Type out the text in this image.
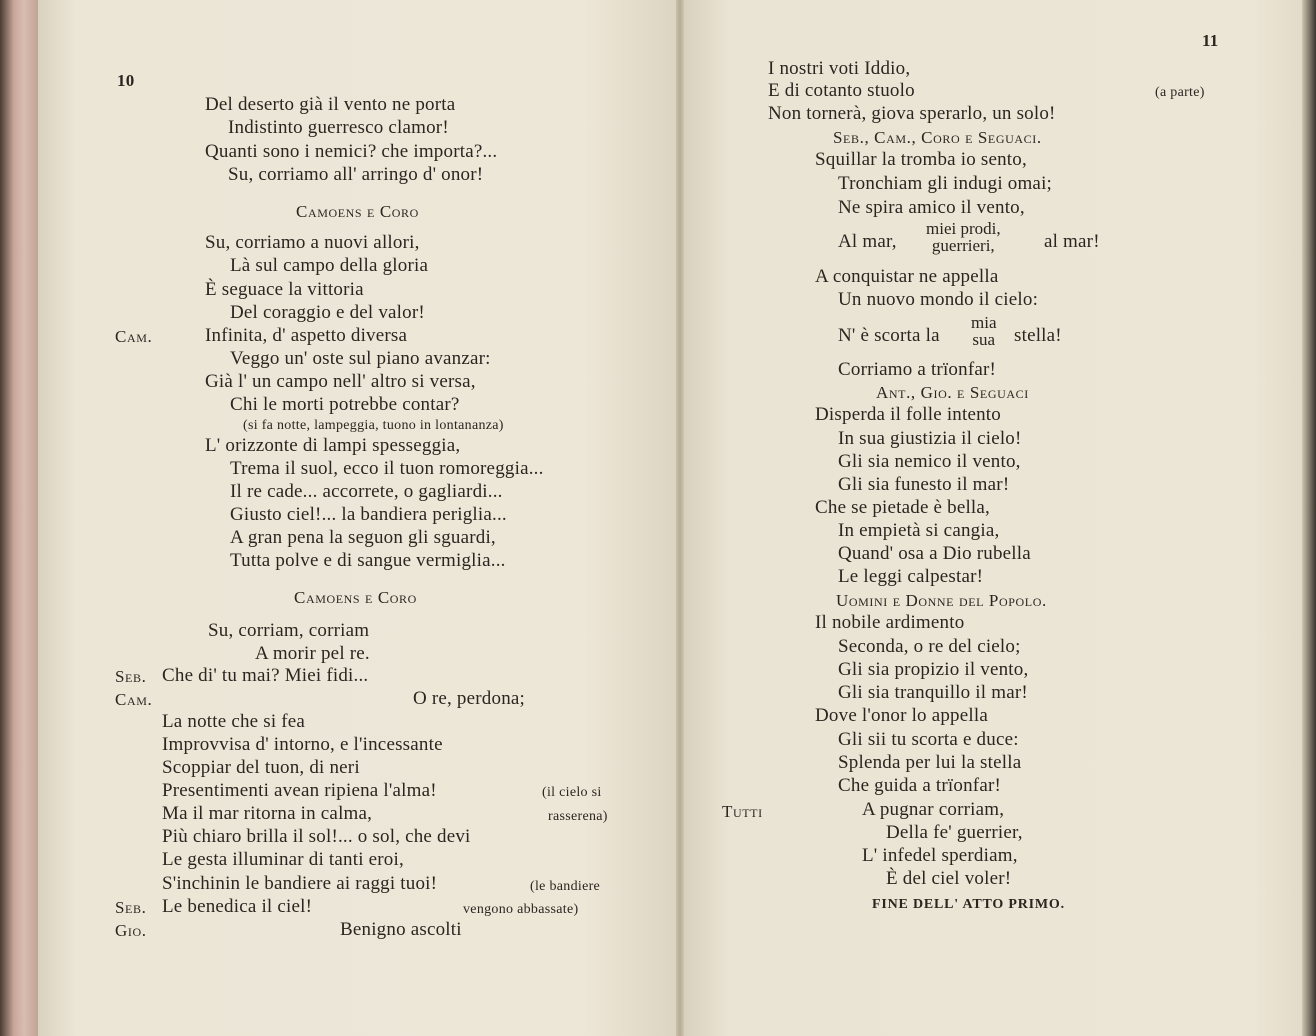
10
Del deserto già il vento ne porta
Indistinto guerresco clamor!
Quanti sono i nemici? che importa?...
Su, corriamo all' arringo d' onor!
Camoens e Coro
Su, corriamo a nuovi allori,
Là sul campo della gloria
È seguace la vittoria
Del coraggio e del valor!
Cam.	Infinita, d' aspetto diversa
Veggo un' oste sul piano avanzar:
Già l' un campo nell' altro si versa,
Chi le morti potrebbe contar?
(si fa notte, lampeggia, tuono in lontananza)
L' orizzonte di lampi spesseggia,
Trema il suol, ecco il tuon romoreggia...
Il re cade... accorrete, o gagliardi...
Giusto ciel!... la bandiera periglia...
A gran pena la seguon gli sguardi,
Tutta polve e di sangue vermiglia...
Camoens e Coro
Su, corriam, corriam
A morir pel re.
Seb. Che di' tu mai? Miei fidi...
Cam.	O re, perdona;
La notte che si fea
Improvvisa d' intorno, e l'incessante
Scoppiar del tuon, di neri
Presentimenti avean ripiena l'alma!	(il cielo si
Ma il mar ritorna in calma,	rasserena)
Più chiaro brilla il sol!... o sol, che devi
Le gesta illuminar di tanti eroi,
S'inchinin le bandiere ai raggi tuoi!	(le bandiere
Seb. Le benedica il ciel!	vengono abbassate)
Gio.	Benigno ascolti
11
I nostri voti Iddio,
E di cotanto stuolo	(a parte)
Non tornerà, giova sperarlo, un solo!
Seb., Cam., Coro e Seguaci.
Squillar la tromba io sento,
Tronchiam gli indugi omai;
Ne spira amico il vento,
Al mar,
miei prodi,
guerrieri,	al mar!
A conquistar ne appella
Un nuovo mondo il cielo:
N' è scorta la
mia
sua stella!
Corriamo a trïonfar!
Ant., Gio. e Seguaci
Disperda il folle intento
In sua giustizia il cielo!
Gli sia nemico il vento,
Gli sia funesto il mar!
Che se pietade è bella,
In empietà si cangia,
Quand' osa a Dio rubella
Le leggi calpestar!
Uomini e Donne del Popolo.
Il nobile ardimento
Seconda, o re del cielo;
Gli sia propizio il vento,
Gli sia tranquillo il mar!
Dove l'onor lo appella
Gli sii tu scorta e duce:
Splenda per lui la stella
Che guida a trïonfar!
Tutti	A pugnar corriam,
Della fe' guerrier,
L' infedel sperdiam,
È del ciel voler!
FINE DELL' ATTO PRIMO.
